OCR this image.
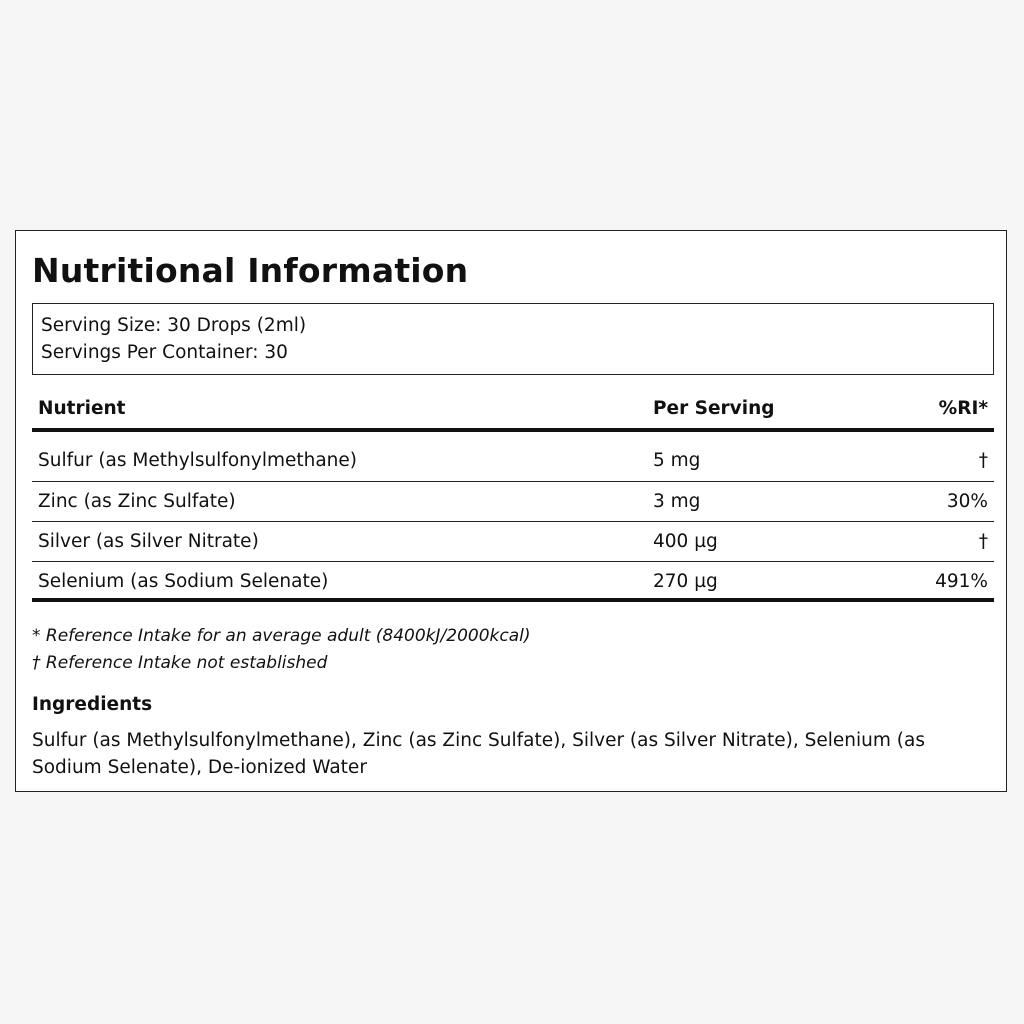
Nutritional Information
Serving Size: 30 Drops (2ml)
Servings Per Container: 30
Nutrient	Per Serving	%RI*
Sulfur (as Methylsulfonylmethane)	5 mg	†
Zinc (as Zinc Sulfate)	3 mg	30%
Silver (as Silver Nitrate)	400 µg	†
Selenium (as Sodium Selenate)	270 µg	491%
* Reference Intake for an average adult (8400kJ/2000kcal)
† Reference Intake not established
Ingredients
Sulfur (as Methylsulfonylmethane), Zinc (as Zinc Sulfate), Silver (as Silver Nitrate), Selenium (as Sodium Selenate), De-ionized Water
